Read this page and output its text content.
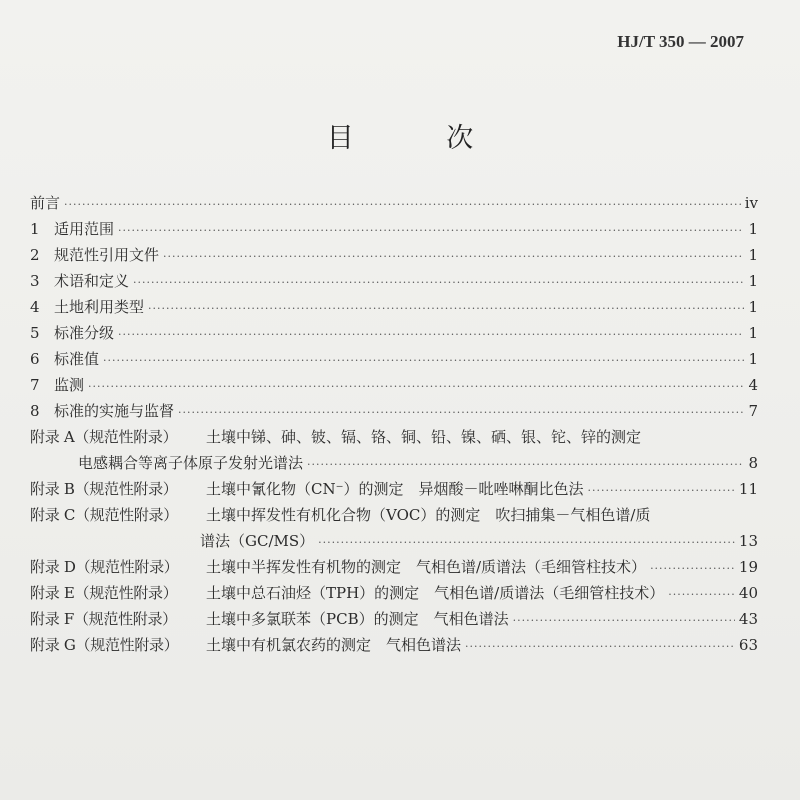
HJ/T 350 — 2007
目 次
前言 ·····	ⅳ
1 适用范围 ·····	1
2 规范性引用文件 ·····	1
3 术语和定义 ·····	1
4 土地利用类型 ·····	1
5 标准分级 ·····	1
6 标准值 ·····	1
7 监测 ·····	4
8 标准的实施与监督 ·····	7
附录 A（规范性附录）	土壤中锑、砷、铍、镉、铬、铜、铅、镍、硒、银、铊、锌的测定
电感耦合等离子体原子发射光谱法 ·····	8
附录 B（规范性附录）	土壤中氰化物（CN⁻）的测定　异烟酸－吡唑啉酮比色法 ·····	11
附录 C（规范性附录）	土壤中挥发性有机化合物（VOC）的测定　吹扫捕集－气相色谱/质
谱法（GC/MS） ·····	13
附录 D（规范性附录）	土壤中半挥发性有机物的测定　气相色谱/质谱法（毛细管柱技术） ·····	19
附录 E（规范性附录）	土壤中总石油烃（TPH）的测定　气相色谱/质谱法（毛细管柱技术） ·····	40
附录 F（规范性附录）	土壤中多氯联苯（PCB）的测定　气相色谱法 ·····	43
附录 G（规范性附录）	土壤中有机氯农药的测定　气相色谱法 ·····	63
